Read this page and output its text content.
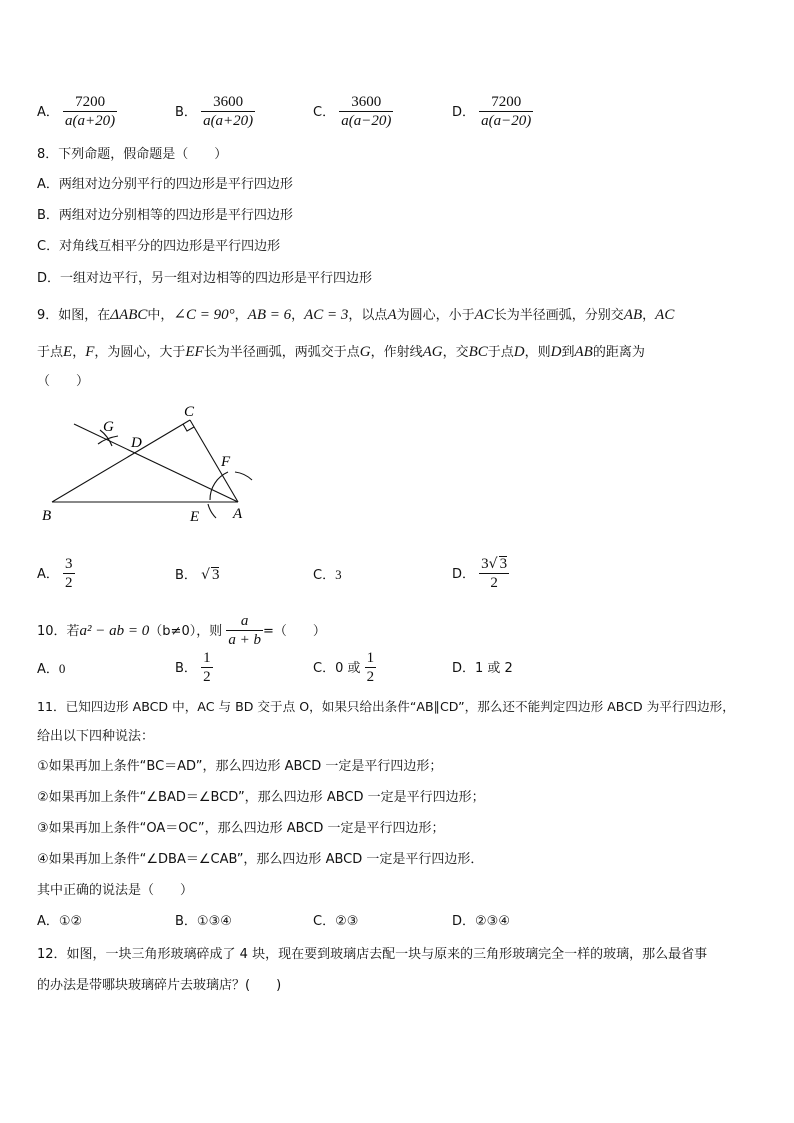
A． $\frac{7200}{a(a+20)}$	B． $\frac{3600}{a(a+20)}$	C． $\frac{3600}{a(a-20)}$	D． $\frac{7200}{a(a-20)}$
8．下列命题，假命题是（　　）
A．两组对边分别平行的四边形是平行四边形
B．两组对边分别相等的四边形是平行四边形
C．对角线互相平分的四边形是平行四边形
D．一组对边平行，另一组对边相等的四边形是平行四边形
9．如图，在ΔABC中，∠C = 90°，AB = 6，AC = 3，以点A为圆心，小于AC长为半径画弧，分别交AB，AC
于点E，F，为圆心，大于EF长为半径画弧，两弧交于点G，作射线AG，交BC于点D，则D到AB的距离为
（　　）
B
C
A
D
E
F
G
A． $\frac{3}{2}$	B． √ 3	C．3	D． $\frac{3√ 3}{2}$
10．若a² − ab = 0（b≠0），则 $\frac{a}{a + b}$ =（　　）
A．0	B． $\frac{1}{2}$	C．0 或 $\frac{1}{2}$	D．1 或 2
11．已知四边形 ABCD 中，AC 与 BD 交于点 O，如果只给出条件“AB∥CD”，那么还不能判定四边形 ABCD 为平行四边形，
给出以下四种说法：
①如果再加上条件“BC＝AD”，那么四边形 ABCD 一定是平行四边形；
②如果再加上条件“∠BAD＝∠BCD”，那么四边形 ABCD 一定是平行四边形；
③如果再加上条件“OA＝OC”，那么四边形 ABCD 一定是平行四边形；
④如果再加上条件“∠DBA＝∠CAB”，那么四边形 ABCD 一定是平行四边形．
其中正确的说法是（　　）
A．①②	B．①③④	C．②③	D．②③④
12．如图，一块三角形玻璃碎成了 4 块，现在要到玻璃店去配一块与原来的三角形玻璃完全一样的玻璃，那么最省事
的办法是带哪块玻璃碎片去玻璃店？(　　)
